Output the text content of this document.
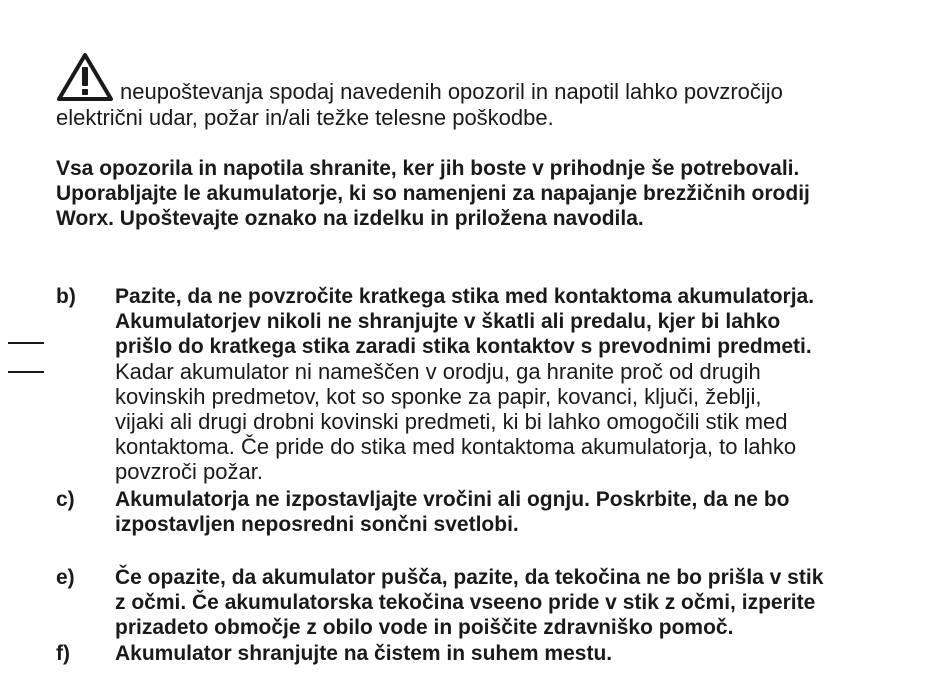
neupoštevanja spodaj navedenih opozoril in napotil lahko povzročijo
električni udar, požar in/ali težke telesne poškodbe.
Vsa opozorila in napotila shranite, ker jih boste v prihodnje še potrebovali.
Uporabljajte le akumulatorje, ki so namenjeni za napajanje brezžičnih orodij
Worx. Upoštevajte oznako na izdelku in priložena navodila.
b) Pazite, da ne povzročite kratkega stika med kontaktoma akumulatorja.
Akumulatorjev nikoli ne shranjujte v škatli ali predalu, kjer bi lahko
prišlo do kratkega stika zaradi stika kontaktov s prevodnimi predmeti.
Kadar akumulator ni nameščen v orodju, ga hranite proč od drugih
kovinskih predmetov, kot so sponke za papir, kovanci, ključi, žeblji,
vijaki ali drugi drobni kovinski predmeti, ki bi lahko omogočili stik med
kontaktoma. Če pride do stika med kontaktoma akumulatorja, to lahko
povzroči požar.
c) Akumulatorja ne izpostavljajte vročini ali ognju. Poskrbite, da ne bo
izpostavljen neposredni sončni svetlobi.
e) Če opazite, da akumulator pušča, pazite, da tekočina ne bo prišla v stik
z očmi. Če akumulatorska tekočina vseeno pride v stik z očmi, izperite
prizadeto območje z obilo vode in poiščite zdravniško pomoč.
f) Akumulator shranjujte na čistem in suhem mestu.
